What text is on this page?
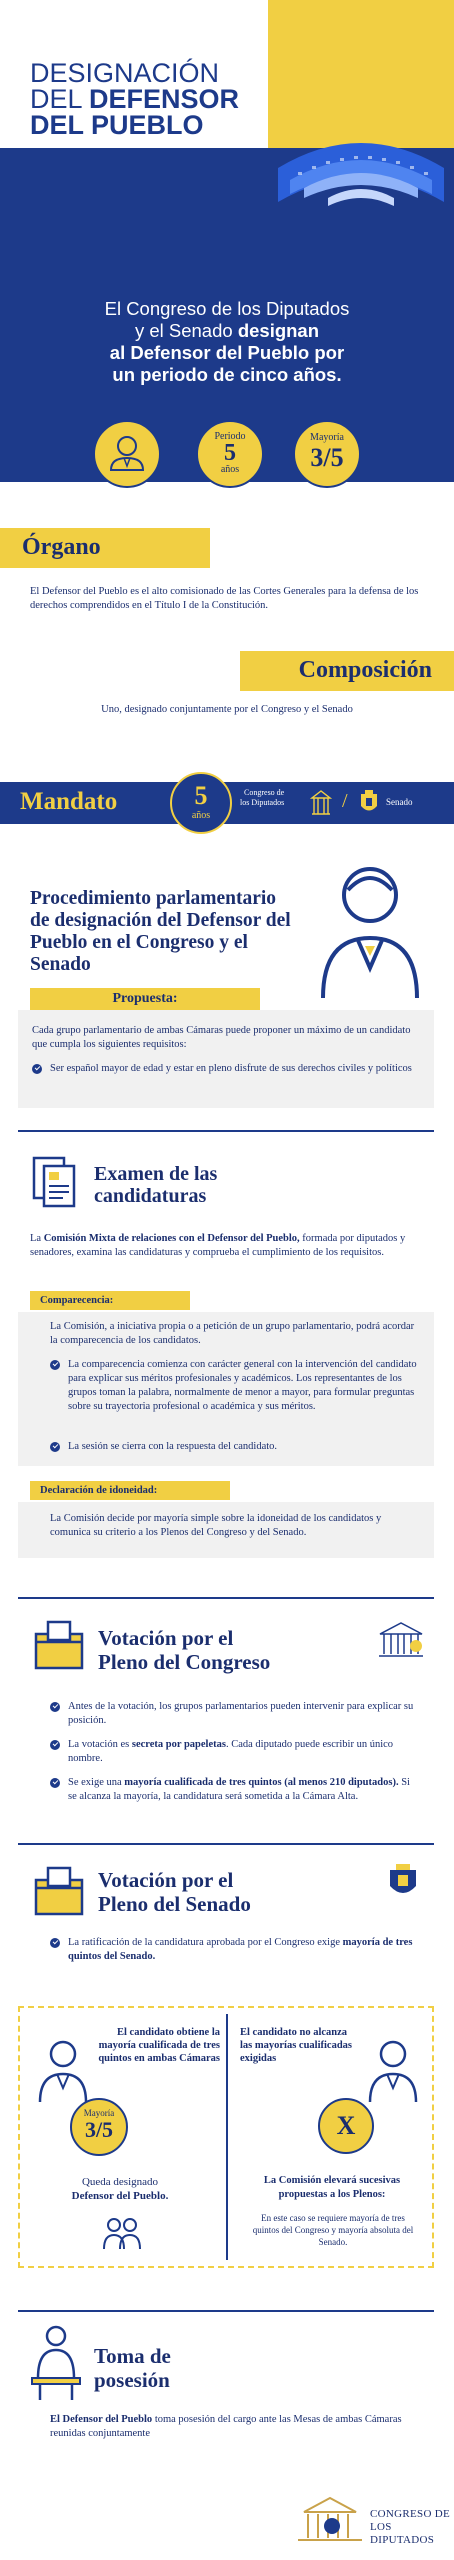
DESIGNACIÓN
DEL DEFENSOR
DEL PUEBLO
El Congreso de los Diputados
y el Senado designan
al Defensor del Pueblo por
un periodo de cinco años.
Periodo
5
años
Mayoría
3/5
Órgano
El Defensor del Pueblo es el alto comisionado de las Cortes Generales para la defensa de los derechos comprendidos en el Título I de la Constitución.
Composición
Uno, designado conjuntamente por el Congreso y el Senado
Mandato	Congreso de
los Diputados	/	Senado
5
años
Procedimiento parlamentario de designación del Defensor del Pueblo en el Congreso y el Senado
Propuesta:
Cada grupo parlamentario de ambas Cámaras puede proponer un máximo de un candidato que cumpla los siguientes requisitos:
Ser español mayor de edad y estar en pleno disfrute de sus derechos civiles y políticos
Examen de las
candidaturas
La Comisión Mixta de relaciones con el Defensor del Pueblo, formada por diputados y senadores, examina las candidaturas y comprueba el cumplimiento de los requisitos.
Comparecencia:
La Comisión, a iniciativa propia o a petición de un grupo parlamentario, podrá acordar la comparecencia de los candidatos.
La comparecencia comienza con carácter general con la intervención del candidato para explicar sus méritos profesionales y académicos. Los representantes de los grupos toman la palabra, normalmente de menor a mayor, para formular preguntas sobre su trayectoria profesional o académica y sus méritos.
La sesión se cierra con la respuesta del candidato.
Declaración de idoneidad:
La Comisión decide por mayoría simple sobre la idoneidad de los candidatos y comunica su criterio a los Plenos del Congreso y del Senado.
Votación por el
Pleno del Congreso
Antes de la votación, los grupos parlamentarios pueden intervenir para explicar su posición.
La votación es secreta por papeletas. Cada diputado puede escribir un único nombre.
Se exige una mayoría cualificada de tres quintos (al menos 210 diputados). Si se alcanza la mayoría, la candidatura será sometida a la Cámara Alta.
Votación por el
Pleno del Senado
La ratificación de la candidatura aprobada por el Congreso exige mayoría de tres quintos del Senado.
El candidato obtiene la mayoría cualificada de tres quintos en ambas Cámaras
Mayoría
3/5
Queda designado
Defensor del Pueblo.
El candidato no alcanza las mayorías cualificadas exigidas
X
La Comisión elevará sucesivas propuestas a los Plenos:
En este caso se requiere mayoría de tres quintos del Congreso y mayoría absoluta del Senado.
Toma de
posesión
El Defensor del Pueblo toma posesión del cargo ante las Mesas de ambas Cámaras reunidas conjuntamente
CONGRESO DE
LOS DIPUTADOS
